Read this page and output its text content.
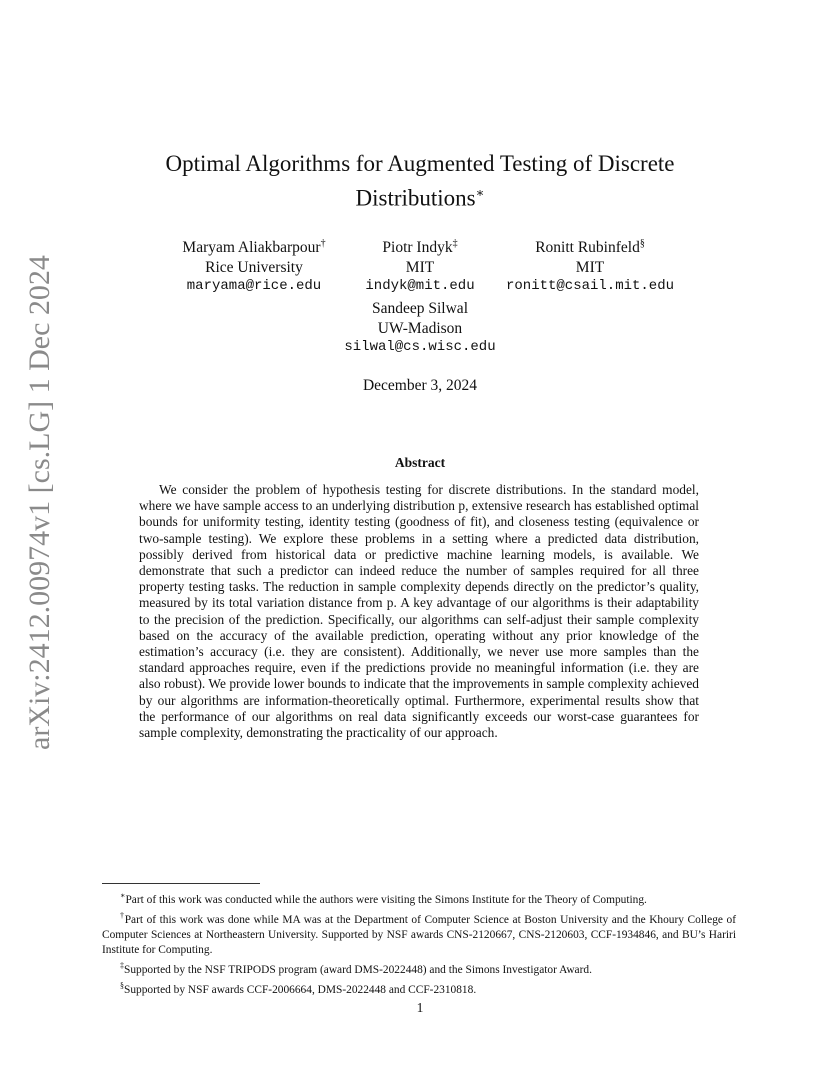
arXiv:2412.00974v1 [cs.LG] 1 Dec 2024
Optimal Algorithms for Augmented Testing of Discrete Distributions∗
Maryam Aliakbarpour†
Rice University
maryama@rice.edu
Piotr Indyk‡
MIT
indyk@mit.edu
Ronitt Rubinfeld§
MIT
ronitt@csail.mit.edu
Sandeep Silwal
UW-Madison
silwal@cs.wisc.edu
December 3, 2024
Abstract

We consider the problem of hypothesis testing for discrete distributions. In the standard model, where we have sample access to an underlying distribution p, extensive research has established optimal bounds for uniformity testing, identity testing (goodness of fit), and closeness testing (equivalence or two-sample testing). We explore these problems in a setting where a predicted data distribution, possibly derived from historical data or predictive machine learning models, is available. We demonstrate that such a predictor can indeed reduce the number of samples required for all three property testing tasks. The reduction in sample complexity depends directly on the predictor’s quality, measured by its total variation distance from p. A key advantage of our algorithms is their adaptability to the precision of the prediction. Specifically, our algorithms can self-adjust their sample complexity based on the accuracy of the available prediction, operating without any prior knowledge of the estimation’s accuracy (i.e. they are consistent). Additionally, we never use more samples than the standard approaches require, even if the predictions provide no meaningful information (i.e. they are also robust). We provide lower bounds to indicate that the improvements in sample complexity achieved by our algorithms are information-theoretically optimal. Furthermore, experimental results show that the performance of our algorithms on real data significantly exceeds our worst-case guarantees for sample complexity, demonstrating the practicality of our approach.

∗Part of this work was conducted while the authors were visiting the Simons Institute for the Theory of Computing.

†Part of this work was done while MA was at the Department of Computer Science at Boston University and the Khoury College of Computer Sciences at Northeastern University. Supported by NSF awards CNS-2120667, CNS-2120603, CCF-1934846, and BU’s Hariri Institute for Computing.

‡Supported by the NSF TRIPODS program (award DMS-2022448) and the Simons Investigator Award.

§Supported by NSF awards CCF-2006664, DMS-2022448 and CCF-2310818.

1
